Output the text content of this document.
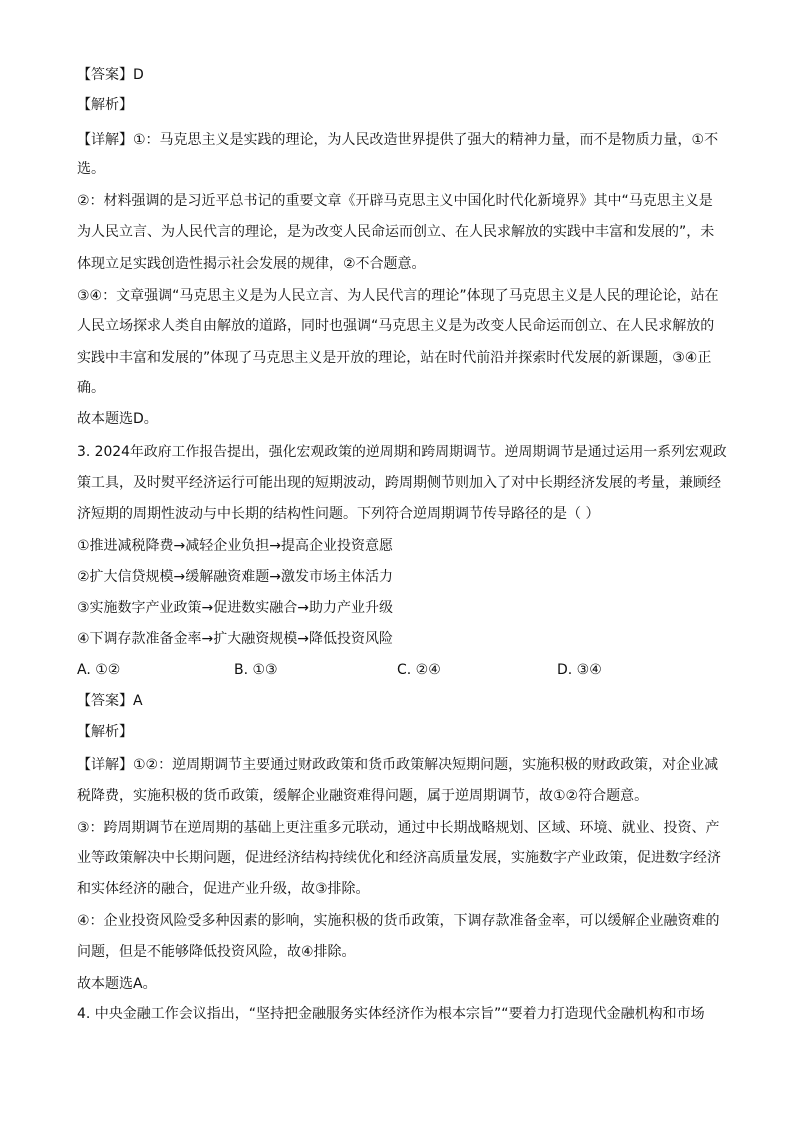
【答案】D
【解析】
【详解】①：马克思主义是实践的理论，为人民改造世界提供了强大的精神力量，而不是物质力量，①不
选。
②：材料强调的是习近平总书记的重要文章《开辟马克思主义中国化时代化新境界》其中“马克思主义是
为人民立言、为人民代言的理论，是为改变人民命运而创立、在人民求解放的实践中丰富和发展的”，未
体现立足实践创造性揭示社会发展的规律，②不合题意。
③④：文章强调“马克思主义是为人民立言、为人民代言的理论”体现了马克思主义是人民的理论论，站在
人民立场探求人类自由解放的道路，同时也强调“马克思主义是为改变人民命运而创立、在人民求解放的
实践中丰富和发展的”体现了马克思主义是开放的理论，站在时代前沿并探索时代发展的新课题，③④正
确。
故本题选D。
3. 2024年政府工作报告提出，强化宏观政策的逆周期和跨周期调节。逆周期调节是通过运用一系列宏观政
策工具，及时熨平经济运行可能出现的短期波动，跨周期侧节则加入了对中长期经济发展的考量，兼顾经
济短期的周期性波动与中长期的结构性问题。下列符合逆周期调节传导路径的是（ ）
①推进减税降费→减轻企业负担→提高企业投资意愿
②扩大信贷规模→缓解融资难题→激发市场主体活力
③实施数字产业政策→促进数实融合→助力产业升级
④下调存款准备金率→扩大融资规模→降低投资风险
A. ①②	B. ①③	C. ②④	D. ③④
【答案】A
【解析】
【详解】①②：逆周期调节主要通过财政政策和货币政策解决短期问题，实施积极的财政政策，对企业减
税降费，实施积极的货币政策，缓解企业融资难得问题，属于逆周期调节，故①②符合题意。
③：跨周期调节在逆周期的基础上更注重多元联动，通过中长期战略规划、区域、环境、就业、投资、产
业等政策解决中长期问题，促进经济结构持续优化和经济高质量发展，实施数字产业政策，促进数字经济
和实体经济的融合，促进产业升级，故③排除。
④：企业投资风险受多种因素的影响，实施积极的货币政策，下调存款准备金率，可以缓解企业融资难的
问题，但是不能够降低投资风险，故④排除。
故本题选A。
4. 中央金融工作会议指出，“坚持把金融服务实体经济作为根本宗旨”“要着力打造现代金融机构和市场
